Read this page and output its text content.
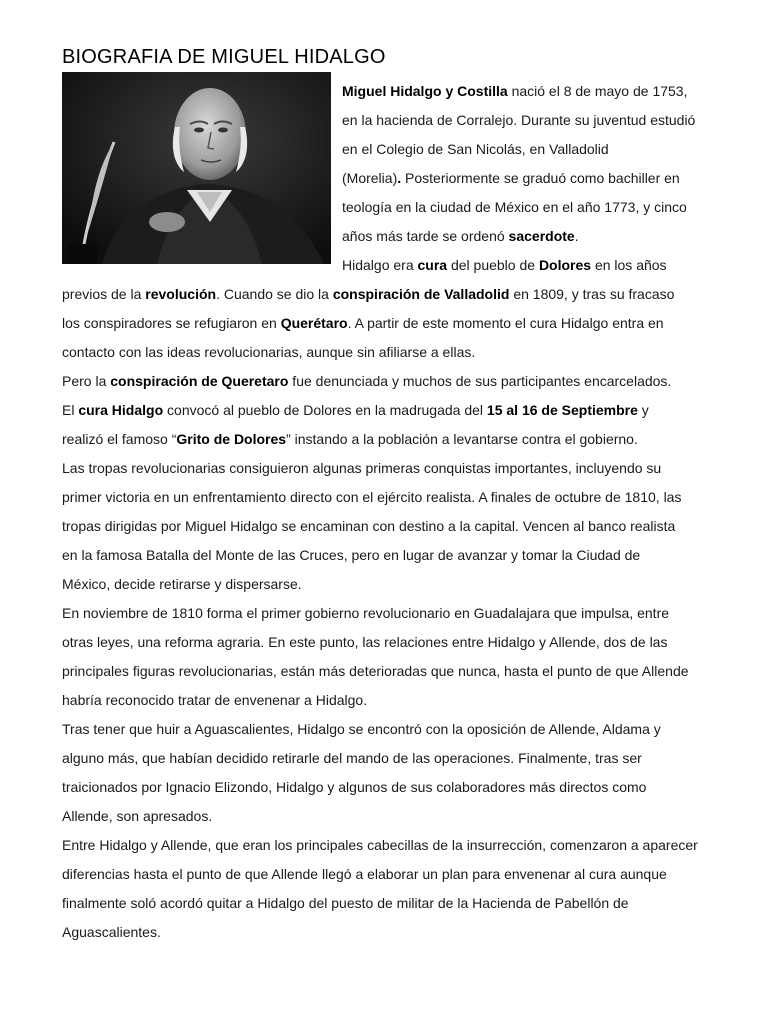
BIOGRAFIA DE MIGUEL HIDALGO

Miguel Hidalgo y Costilla nació el 8 de mayo de 1753,

en la hacienda de Corralejo. Durante su juventud estudió

en el Colegio de San Nicolás, en Valladolid

(Morelia). Posteriormente se graduó como bachiller en

teología en la ciudad de México en el año 1773, y cinco

años más tarde se ordenó sacerdote.

Hidalgo era cura del pueblo de Dolores en los años

previos de la revolución. Cuando se dio la conspiración de Valladolid en 1809, y tras su fracaso

los conspiradores se refugiaron en Querétaro. A partir de este momento el cura Hidalgo entra en

contacto con las ideas revolucionarias, aunque sin afiliarse a ellas.

Pero la conspiración de Queretaro fue denunciada y muchos de sus participantes encarcelados.

El cura Hidalgo convocó al pueblo de Dolores en la madrugada del 15 al 16 de Septiembre y

realizó el famoso “Grito de Dolores” instando a la población a levantarse contra el gobierno.

Las tropas revolucionarias consiguieron algunas primeras conquistas importantes, incluyendo su

primer victoria en un enfrentamiento directo con el ejército realista. A finales de octubre de 1810, las

tropas dirigidas por Miguel Hidalgo se encaminan con destino a la capital. Vencen al banco realista

en la famosa Batalla del Monte de las Cruces, pero en lugar de avanzar y tomar la Ciudad de

México, decide retirarse y dispersarse.

En noviembre de 1810 forma el primer gobierno revolucionario en Guadalajara que impulsa, entre

otras leyes, una reforma agraria. En este punto, las relaciones entre Hidalgo y Allende, dos de las

principales figuras revolucionarias, están más deterioradas que nunca, hasta el punto de que Allende

habría reconocido tratar de envenenar a Hidalgo.

Tras tener que huir a Aguascalientes, Hidalgo se encontró con la oposición de Allende, Aldama y

alguno más, que habían decidido retirarle del mando de las operaciones. Finalmente, tras ser

traicionados por Ignacio Elizondo, Hidalgo y algunos de sus colaboradores más directos como

Allende, son apresados.

Entre Hidalgo y Allende, que eran los principales cabecillas de la insurrección, comenzaron a aparecer

diferencias hasta el punto de que Allende llegó a elaborar un plan para envenenar al cura aunque

finalmente soló acordó quitar a Hidalgo del puesto de militar de la Hacienda de Pabellón de

Aguascalientes.
